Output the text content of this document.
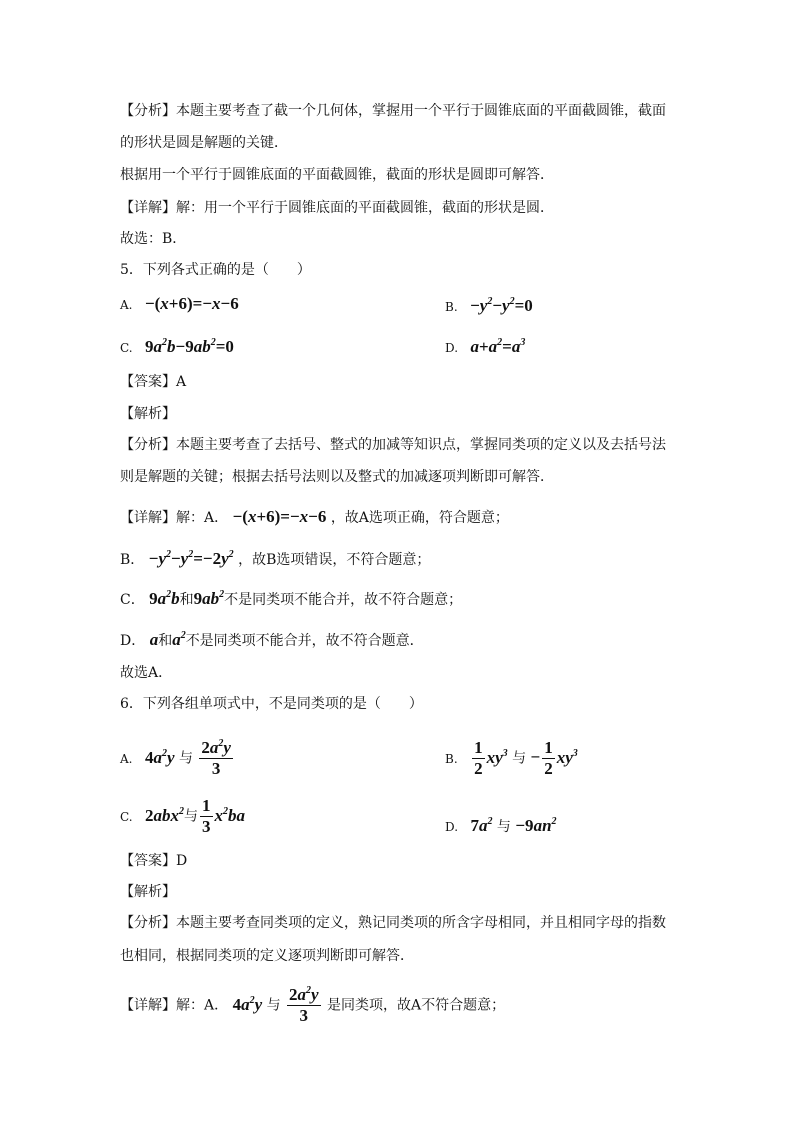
【分析】本题主要考查了截一个几何体，掌握用一个平行于圆锥底面的平面截圆锥，截面
的形状是圆是解题的关键．
根据用一个平行于圆锥底面的平面截圆锥，截面的形状是圆即可解答．
【详解】解：用一个平行于圆锥底面的平面截圆锥，截面的形状是圆．
故选：B．
5．下列各式正确的是（　　）
A. −(x+6)=−x−6	B. $-y^2-y^2=0$
C. $9a^2b-9ab^2=0$	D. $a+a^2=a^3$
【答案】A
【解析】
【分析】本题主要考查了去括号、整式的加减等知识点，掌握同类项的定义以及去括号法
则是解题的关键；根据去括号法则以及整式的加减逐项判断即可解答．
【详解】解：A． −(x+6)=−x−6 ，故A选项正确，符合题意；
B． $-y^2-y^2=-2y^2$ ，故B选项错误，不符合题意；
C． $9a^2b$和$9ab^2$不是同类项不能合并，故不符合题意；
D． a和$a^2$不是同类项不能合并，故不符合题意．
故选A．
6．下列各组单项式中，不是同类项的是（　　）
A. $4a^2y$ 与 $\frac{2a^2y}{3}$	B. $\frac{1}{2} xy^3$ 与 − $\frac{1}{2} xy^3$
C. 2abx$^2$与 $\frac{1}{3} x^2ba$
D. $7a^2$ 与 $-9an^2$
【答案】D
【解析】
【分析】本题主要考查同类项的定义，熟记同类项的所含字母相同，并且相同字母的指数
也相同，根据同类项的定义逐项判断即可解答．
【详解】解：A． $4a^2y$ 与 $\frac{2a^2y}{3}$ 是同类项，故A不符合题意；
